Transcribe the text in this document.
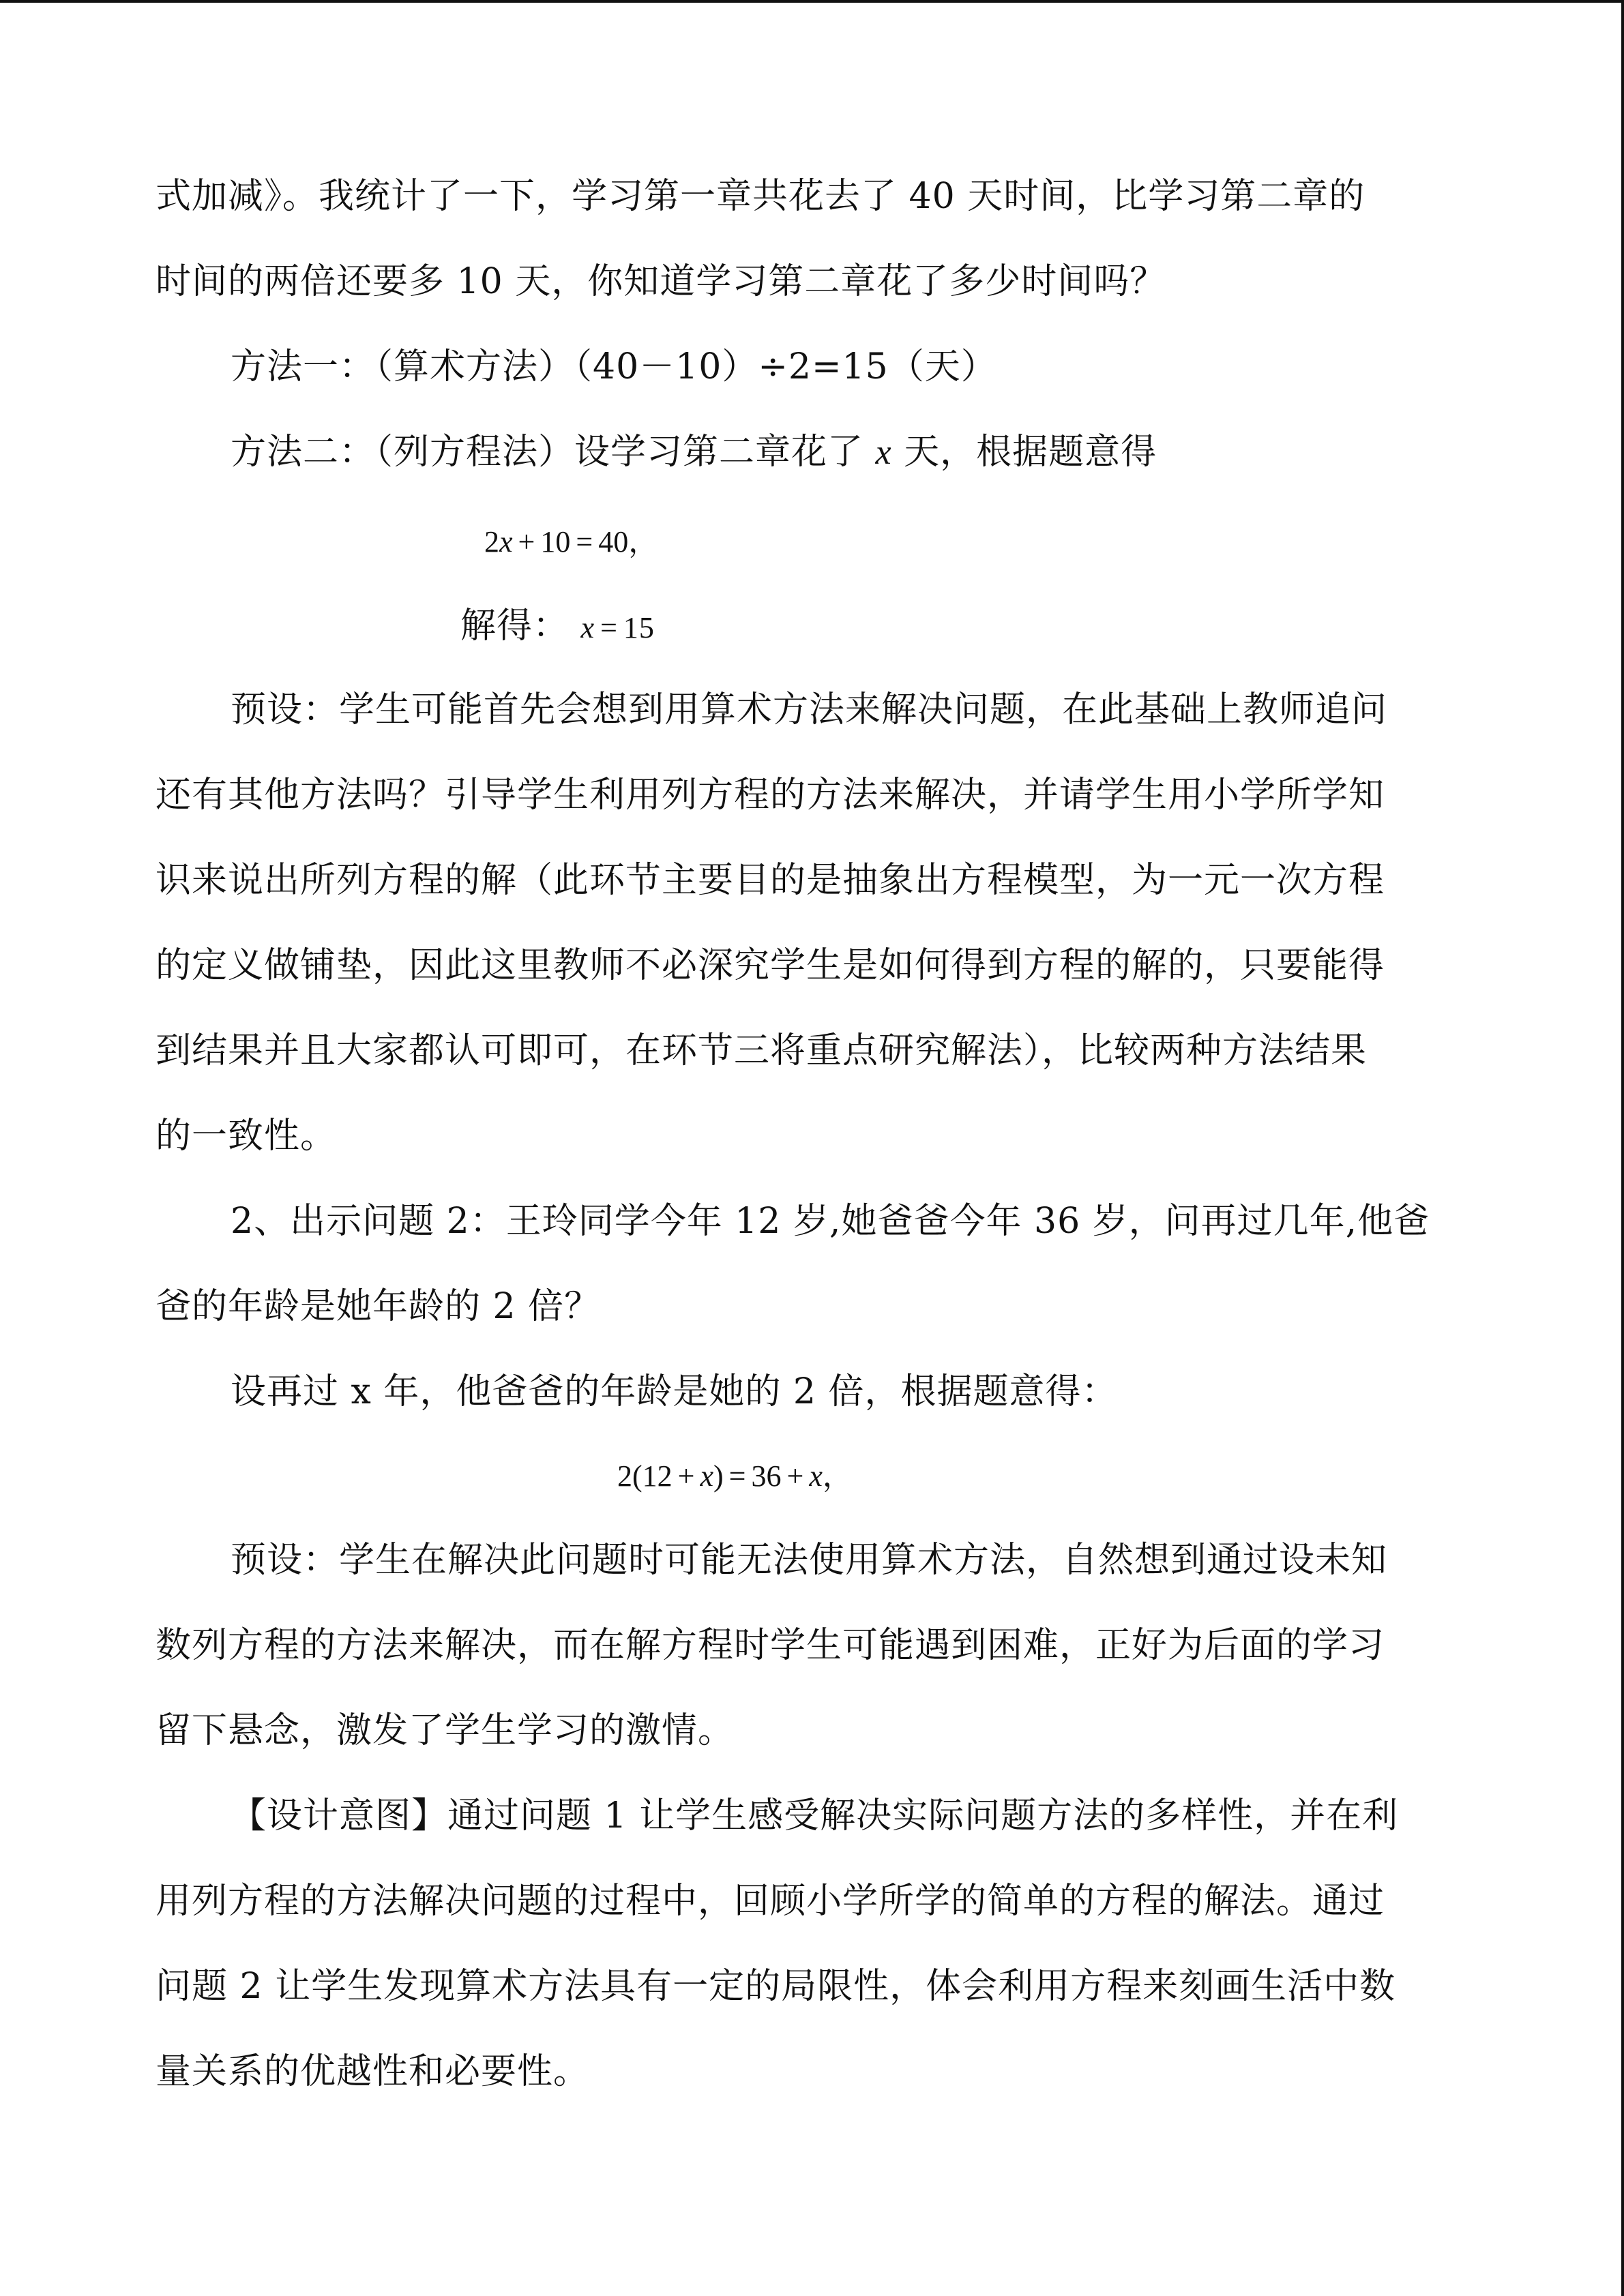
式加减》。我统计了一下，学习第一章共花去了 40 天时间，比学习第二章的
时间的两倍还要多 10 天，你知道学习第二章花了多少时间吗？
方法一：（算术方法）（40－10）÷2=15（天）
方法二：（列方程法）设学习第二章花了 x 天，根据题意得
2x + 10 = 40，
解得： x = 15
预设：学生可能首先会想到用算术方法来解决问题，在此基础上教师追问
还有其他方法吗？引导学生利用列方程的方法来解决，并请学生用小学所学知
识来说出所列方程的解（此环节主要目的是抽象出方程模型，为一元一次方程
的定义做铺垫，因此这里教师不必深究学生是如何得到方程的解的，只要能得
到结果并且大家都认可即可，在环节三将重点研究解法），比较两种方法结果
的一致性。
2、出示问题 2：王玲同学今年 12 岁,她爸爸今年 36 岁，问再过几年,他爸
爸的年龄是她年龄的 2 倍？
设再过 x 年，他爸爸的年龄是她的 2 倍，根据题意得：
2(12 + x) = 36 + x，
预设：学生在解决此问题时可能无法使用算术方法，自然想到通过设未知
数列方程的方法来解决，而在解方程时学生可能遇到困难，正好为后面的学习
留下悬念，激发了学生学习的激情。
【设计意图】通过问题 1 让学生感受解决实际问题方法的多样性，并在利
用列方程的方法解决问题的过程中，回顾小学所学的简单的方程的解法。通过
问题 2 让学生发现算术方法具有一定的局限性，体会利用方程来刻画生活中数
量关系的优越性和必要性。
